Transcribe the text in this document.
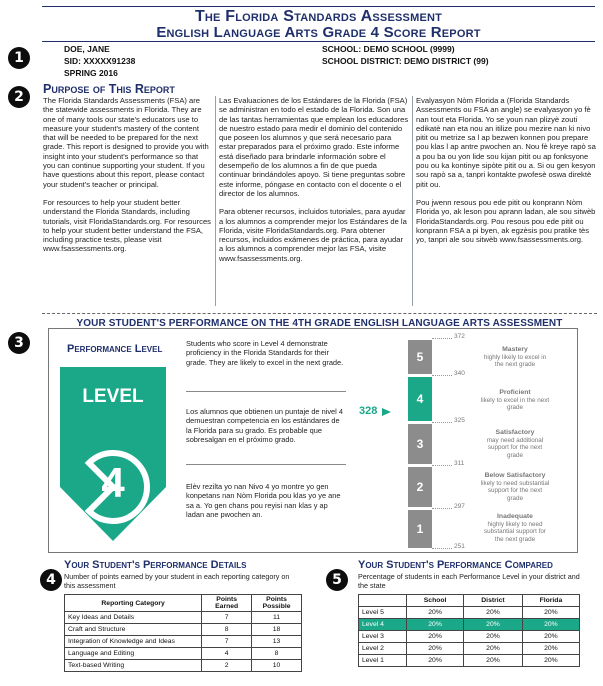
The Florida Standards Assessment
English Language Arts Grade 4 Score Report
1
DOE, JANE
SID: XXXXX91238
SPRING 2016
SCHOOL: DEMO SCHOOL (9999)
SCHOOL DISTRICT: DEMO DISTRICT (99)
2	Purpose of This Report

The Florida Standards Assessments (FSA) are the statewide assessments in Florida. They are one of many tools our state's educators use to measure your student's mastery of the content that will be needed to be prepared for the next grade. This report is designed to provide you with insight into your student's performance so that you can continue supporting your student. If you have questions about this report, please contact your student's teacher or principal.

For resources to help your student better understand the Florida Standards, including tutorials, visit FloridaStandards.org. For resources to help your student better understand the FSA, including practice tests, please visit www.fsassessments.org.

Las Evaluaciones de los Estándares de la Florida (FSA) se administran en todo el estado de la Florida. Son una de las tantas herramientas que emplean los educadores de nuestro estado para medir el dominio del contenido que poseen los alumnos y que será necesario para estar preparados para el próximo grado. Este informe está diseñado para brindarle información sobre el desempeño de los alumnos a fin de que pueda continuar brindándoles apoyo. Si tiene preguntas sobre este informe, póngase en contacto con el docente o el director de los alumnos.

Para obtener recursos, incluidos tutoriales, para ayudar a los alumnos a comprender mejor los Estándares de la Florida, visite FloridaStandards.org. Para obtener recursos, incluidos exámenes de práctica, para ayudar a los alumnos a comprender mejor las FSA, visite www.fsassessments.org.

Evalyasyon Nòm Florida a (Florida Standards Assessments ou FSA an angle) se evalyasyon yo fè nan tout eta Florida. Yo se youn nan plizyè zouti edikatè nan eta nou an itilize pou mezire nan ki nivo pitit ou metrize sa l ap bezwen konnen pou prepare pou klas l ap antre pwochen an. Nou fè kreye rapò sa a pou ba ou yon lide sou kijan pitit ou ap fonksyone pou ou ka kontinye sipòte pitit ou a. Si ou gen kesyon sou rapò sa a, tanpri kontakte pwofesè oswa direktè pitit ou.

Pou jwenn resous pou ede pitit ou konprann Nòm Florida yo, ak leson pou aprann ladan, ale sou sitwèb FloridaStandards.org. Pou resous pou ede pitit ou konprann FSA a pi byen, ak egzèsis pou pratike tès yo, tanpri ale sou sitwèb www.fsassessments.org.

3
YOUR STUDENT'S PERFORMANCE ON THE 4TH GRADE ENGLISH LANGUAGE ARTS ASSESSMENT
Performance Level
LEVEL
4
Students who score in Level 4 demonstrate proficiency in the Florida Standards for their grade. They are likely to excel in the next grade.
Los alumnos que obtienen un puntaje de nivel 4 demuestran competencia en los estándares de la Florida para su grado. Es probable que sobresalgan en el próximo grado.
Elèv rezilta yo nan Nivo 4 yo montre yo gen konpetans nan Nòm Florida pou klas yo ye ane sa a. Yo gen chans pou reyisi nan klas y ap ladan ane pwochen an.
328
5
4
3
2
1
372
340
325
311
297
251
Mastery
highly likely to excel in the next grade
Proficient
likely to excel in the next grade
Satisfactory
may need additional support for the next grade
Below Satisfactory
likely to need substantial support for the next grade
Inadequate
highly likely to need substantial support for the next grade
4
Your Student's Performance Details
Number of points earned by your student in each reporting category on this assessment
Reporting Category	Points Earned	Points Possible
Key Ideas and Details	7	11
Craft and Structure	8	18
Integration of Knowledge and Ideas	7	13
Language and Editing	4	8
Text-based Writing	2	10
5
Your Student's Performance Compared
Percentage of students in each Performance Level in your district and the state
	School	District	Florida
Level 5	20%	20%	20%
Level 4	20%	20%	20%
Level 3	20%	20%	20%
Level 2	20%	20%	20%
Level 1	20%	20%	20%
